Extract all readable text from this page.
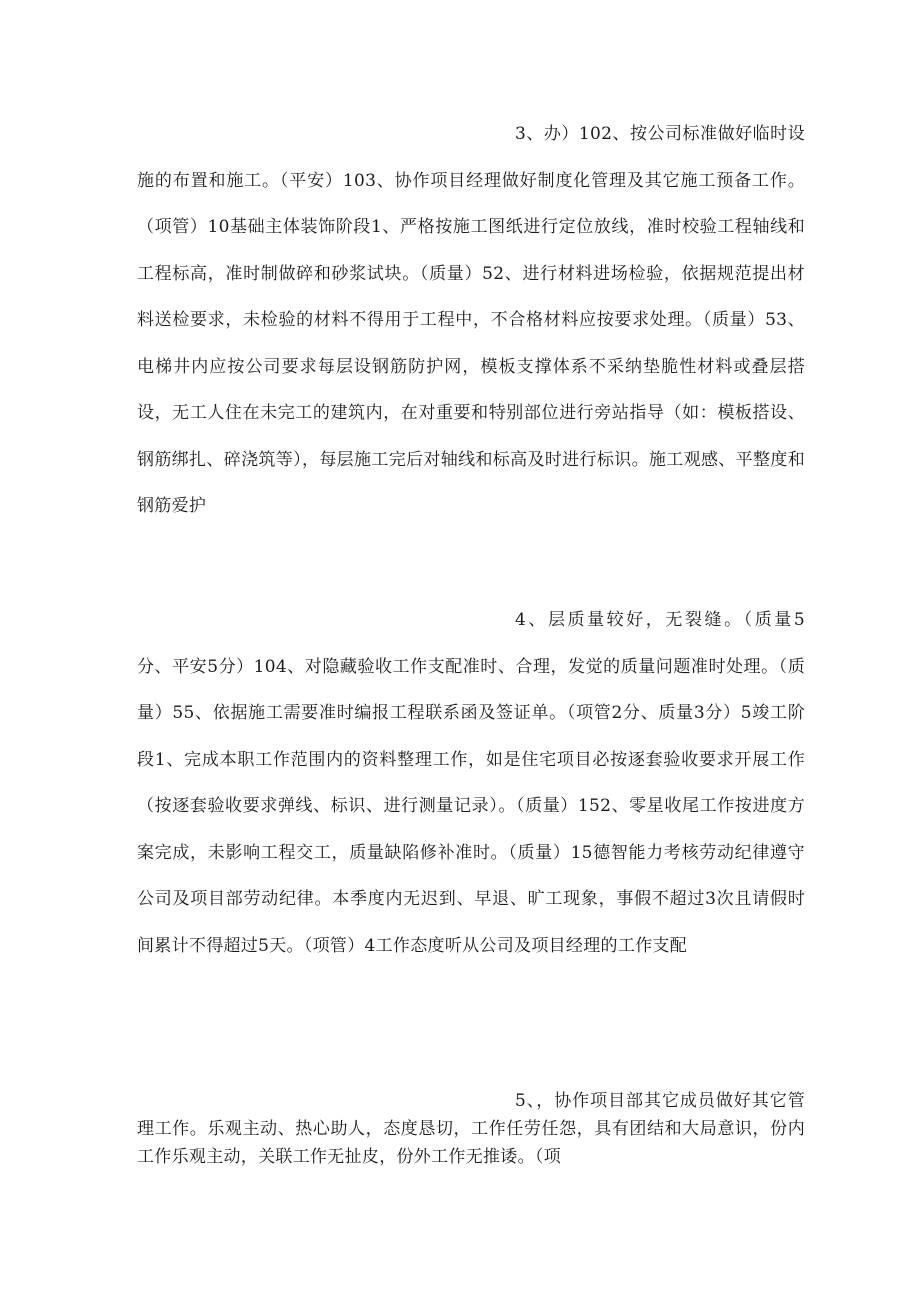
3、办）102、按公司标准做好临时设施的布置和施工。（平安）103、协作项目经理做好制度化管理及其它施工预备工作。（项管）10基础主体装饰阶段1、严格按施工图纸进行定位放线，准时校验工程轴线和工程标高，准时制做碎和砂浆试块。（质量）52、进行材料进场检验，依据规范提出材料送检要求，未检验的材料不得用于工程中，不合格材料应按要求处理。（质量）53、电梯井内应按公司要求每层设钢筋防护网，模板支撑体系不采纳垫脆性材料或叠层搭设，无工人住在未完工的建筑内，在对重要和特别部位进行旁站指导（如：模板搭设、钢筋绑扎、碎浇筑等），每层施工完后对轴线和标高及时进行标识。施工观感、平整度和钢筋爱护

4、层质量较好，无裂缝。（质量5分、平安5分）104、对隐藏验收工作支配准时、合理，发觉的质量问题准时处理。（质量）55、依据施工需要准时编报工程联系函及签证单。（项管2分、质量3分）5竣工阶段1、完成本职工作范围内的资料整理工作，如是住宅项目必按逐套验收要求开展工作（按逐套验收要求弹线、标识、进行测量记录）。（质量）152、零星收尾工作按进度方案完成，未影响工程交工，质量缺陷修补准时。（质量）15德智能力考核劳动纪律遵守公司及项目部劳动纪律。本季度内无迟到、早退、旷工现象，事假不超过3次且请假时间累计不得超过5天。（项管）4工作态度听从公司及项目经理的工作支配

5、，协作项目部其它成员做好其它管理工作。乐观主动、热心助人，态度恳切，工作任劳任怨，具有团结和大局意识，份内工作乐观主动，关联工作无扯皮，份外工作无推诿。（项
